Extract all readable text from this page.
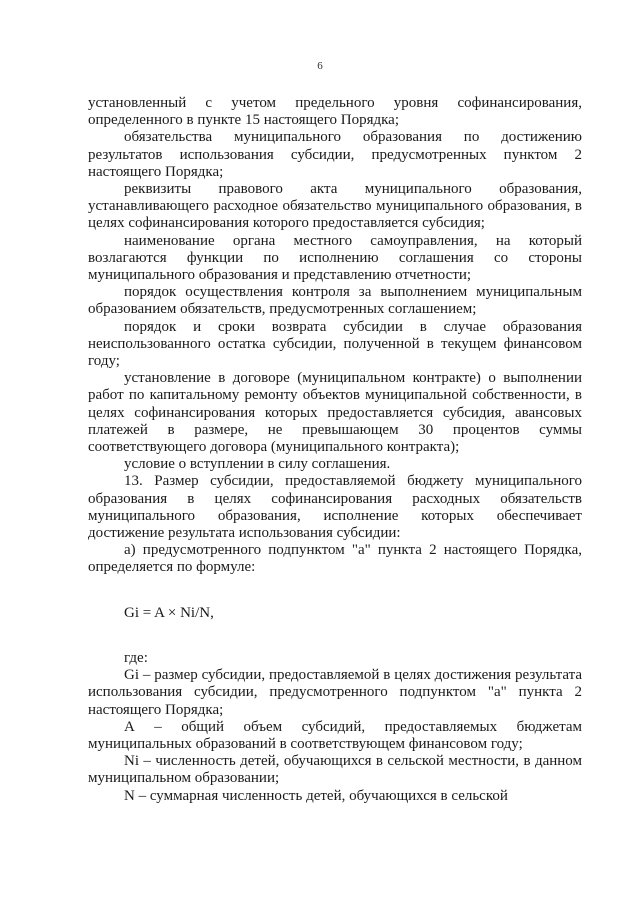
6

установленный с учетом предельного уровня софинансирования, определенного в пункте 15 настоящего Порядка;

обязательства муниципального образования по достижению результатов использования субсидии, предусмотренных пунктом 2 настоящего Порядка;

реквизиты правового акта муниципального образования, устанавливающего расходное обязательство муниципального образования, в целях софинансирования которого предоставляется субсидия;

наименование органа местного самоуправления, на который возлагаются функции по исполнению соглашения со стороны муниципального образования и представлению отчетности;

порядок осуществления контроля за выполнением муниципальным образованием обязательств, предусмотренных соглашением;

порядок и сроки возврата субсидии в случае образования неиспользованного остатка субсидии, полученной в текущем финансовом году;

установление в договоре (муниципальном контракте) о выполнении работ по капитальному ремонту объектов муниципальной собственности, в целях софинансирования которых предоставляется субсидия, авансовых платежей в размере, не превышающем 30 процентов суммы соответствующего договора (муниципального контракта);

условие о вступлении в силу соглашения.

13. Размер субсидии, предоставляемой бюджету муниципального образования в целях софинансирования расходных обязательств муниципального образования, исполнение которых обеспечивает достижение результата использования субсидии:

а) предусмотренного подпунктом "а" пункта 2 настоящего Порядка, определяется по формуле:

Gi = A × Ni/N,

где:

Gi – размер субсидии, предоставляемой в целях достижения результата использования субсидии, предусмотренного подпунктом "а" пункта 2 настоящего Порядка;

А – общий объем субсидий, предоставляемых бюджетам муниципальных образований в соответствующем финансовом году;

Ni – численность детей, обучающихся в сельской местности, в данном муниципальном образовании;

N – суммарная численность детей, обучающихся в сельской
